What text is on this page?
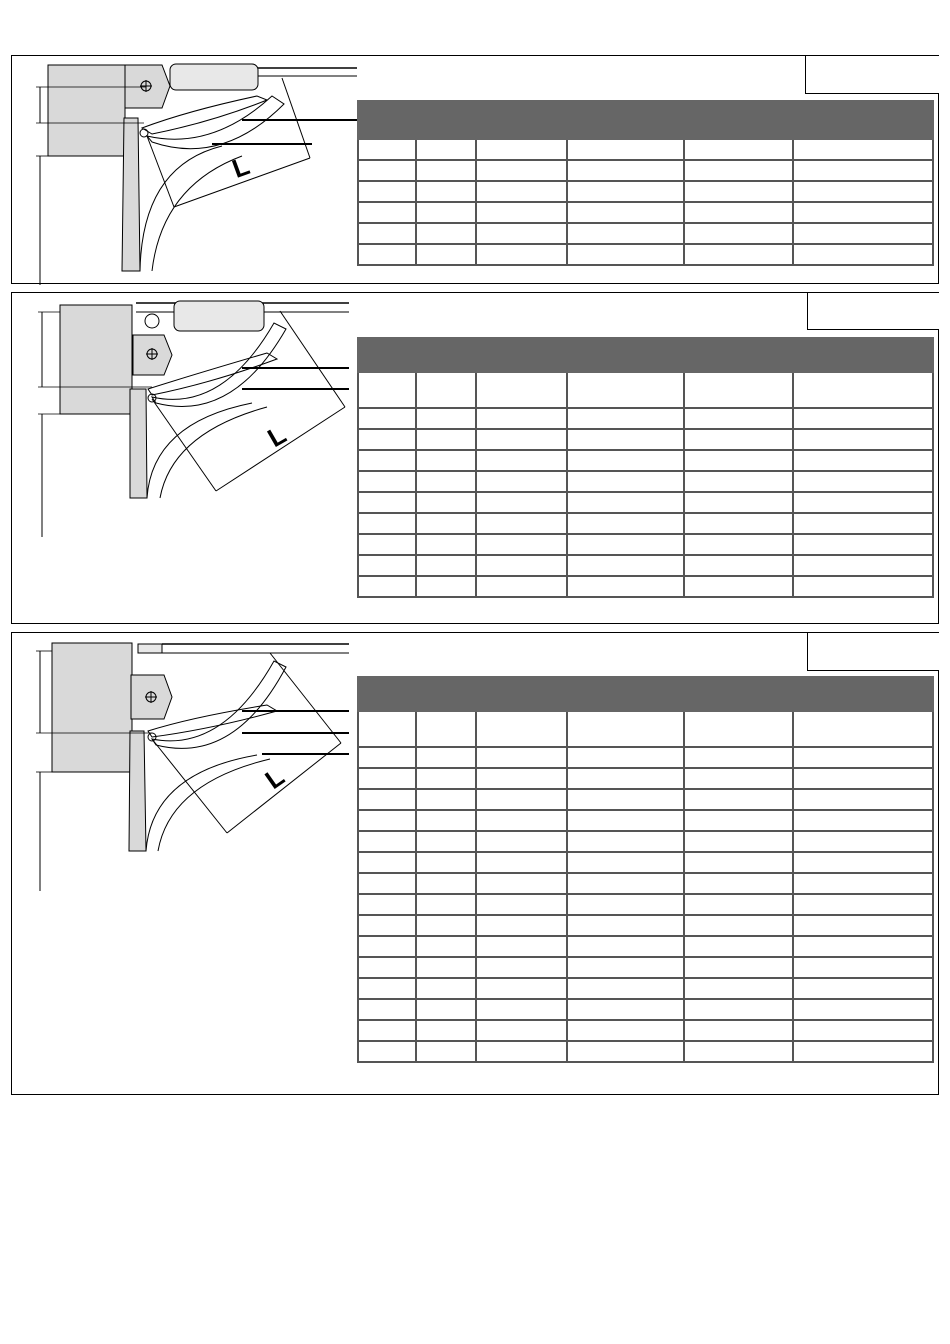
L

L

L
